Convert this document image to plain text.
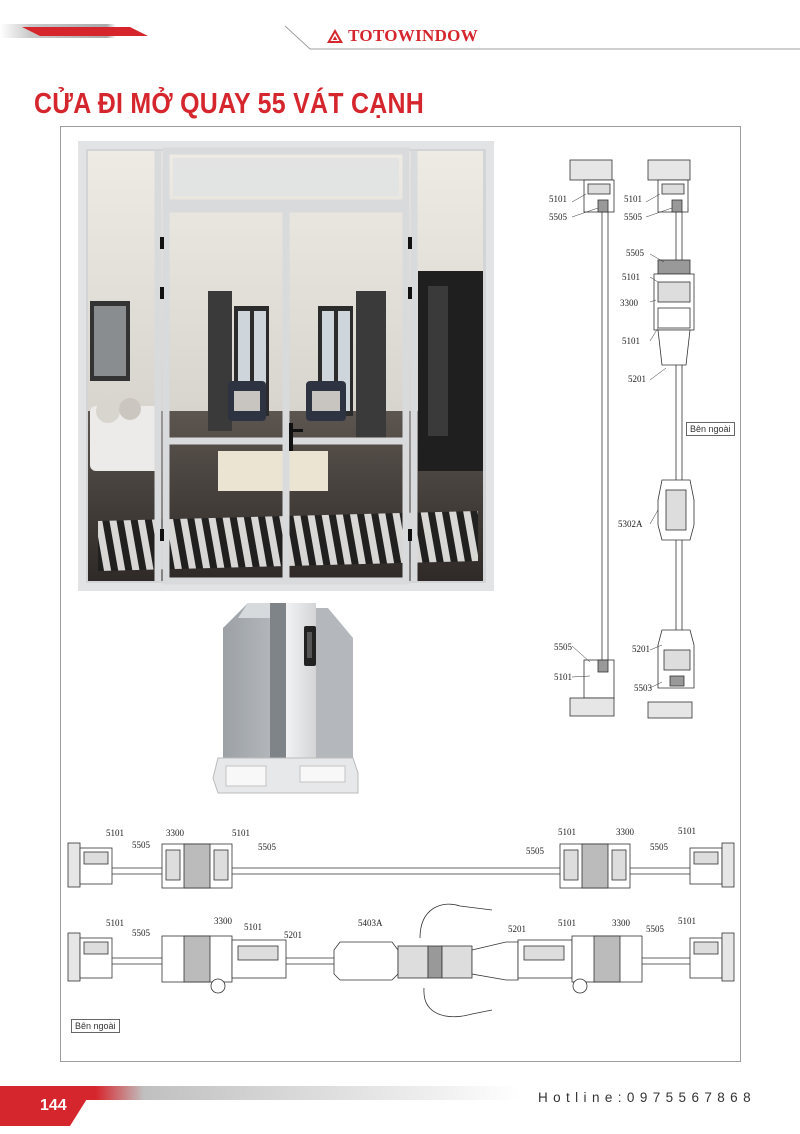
TOTOWINDOW
CỬA ĐI MỞ QUAY 55 VÁT CẠNH
5101
5505
5505
5101
5101
5505
5505
5101
3300
5101
5201
5302A
5201
5503
Bên ngoài
5101
5505
3300	5101
5505
5101	3300
5505	5505
5101
5101
5505
3300
5101
5201
5403A
5201
5101	3300
5505
5101
Bên ngoài
144	Hotline:0975567868
